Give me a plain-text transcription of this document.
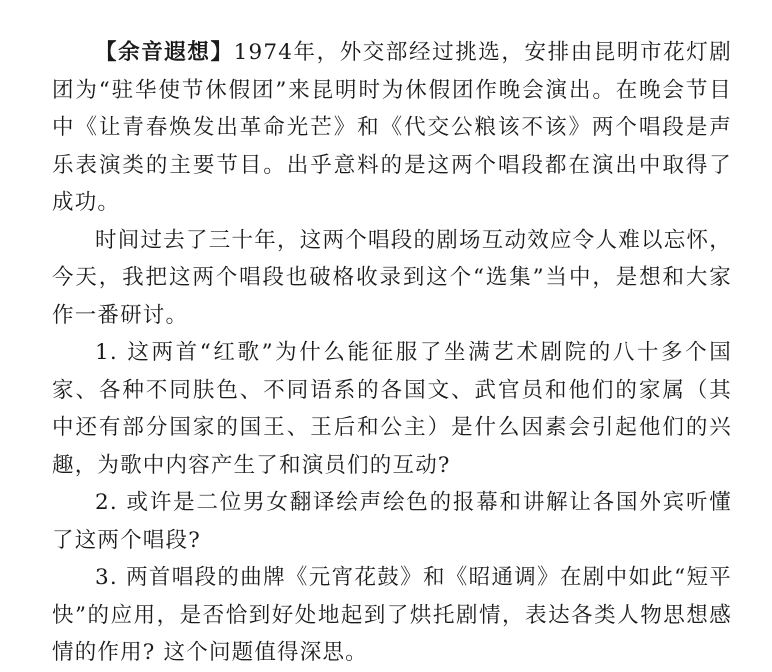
【余音遐想】1974年，外交部经过挑选，安排由昆明市花灯剧团为“驻华使节休假团”来昆明时为休假团作晚会演出。在晚会节目中《让青春焕发出革命光芒》和《代交公粮该不该》两个唱段是声乐表演类的主要节目。出乎意料的是这两个唱段都在演出中取得了成功。

时间过去了三十年，这两个唱段的剧场互动效应令人难以忘怀，今天，我把这两个唱段也破格收录到这个“选集”当中，是想和大家作一番研讨。

1. 这两首“红歌”为什么能征服了坐满艺术剧院的八十多个国家、各种不同肤色、不同语系的各国文、武官员和他们的家属（其中还有部分国家的国王、王后和公主）是什么因素会引起他们的兴趣，为歌中内容产生了和演员们的互动?

2. 或许是二位男女翻译绘声绘色的报幕和讲解让各国外宾听懂了这两个唱段?

3. 两首唱段的曲牌《元宵花鼓》和《昭通调》在剧中如此“短平快”的应用，是否恰到好处地起到了烘托剧情，表达各类人物思想感情的作用? 这个问题值得深思。
